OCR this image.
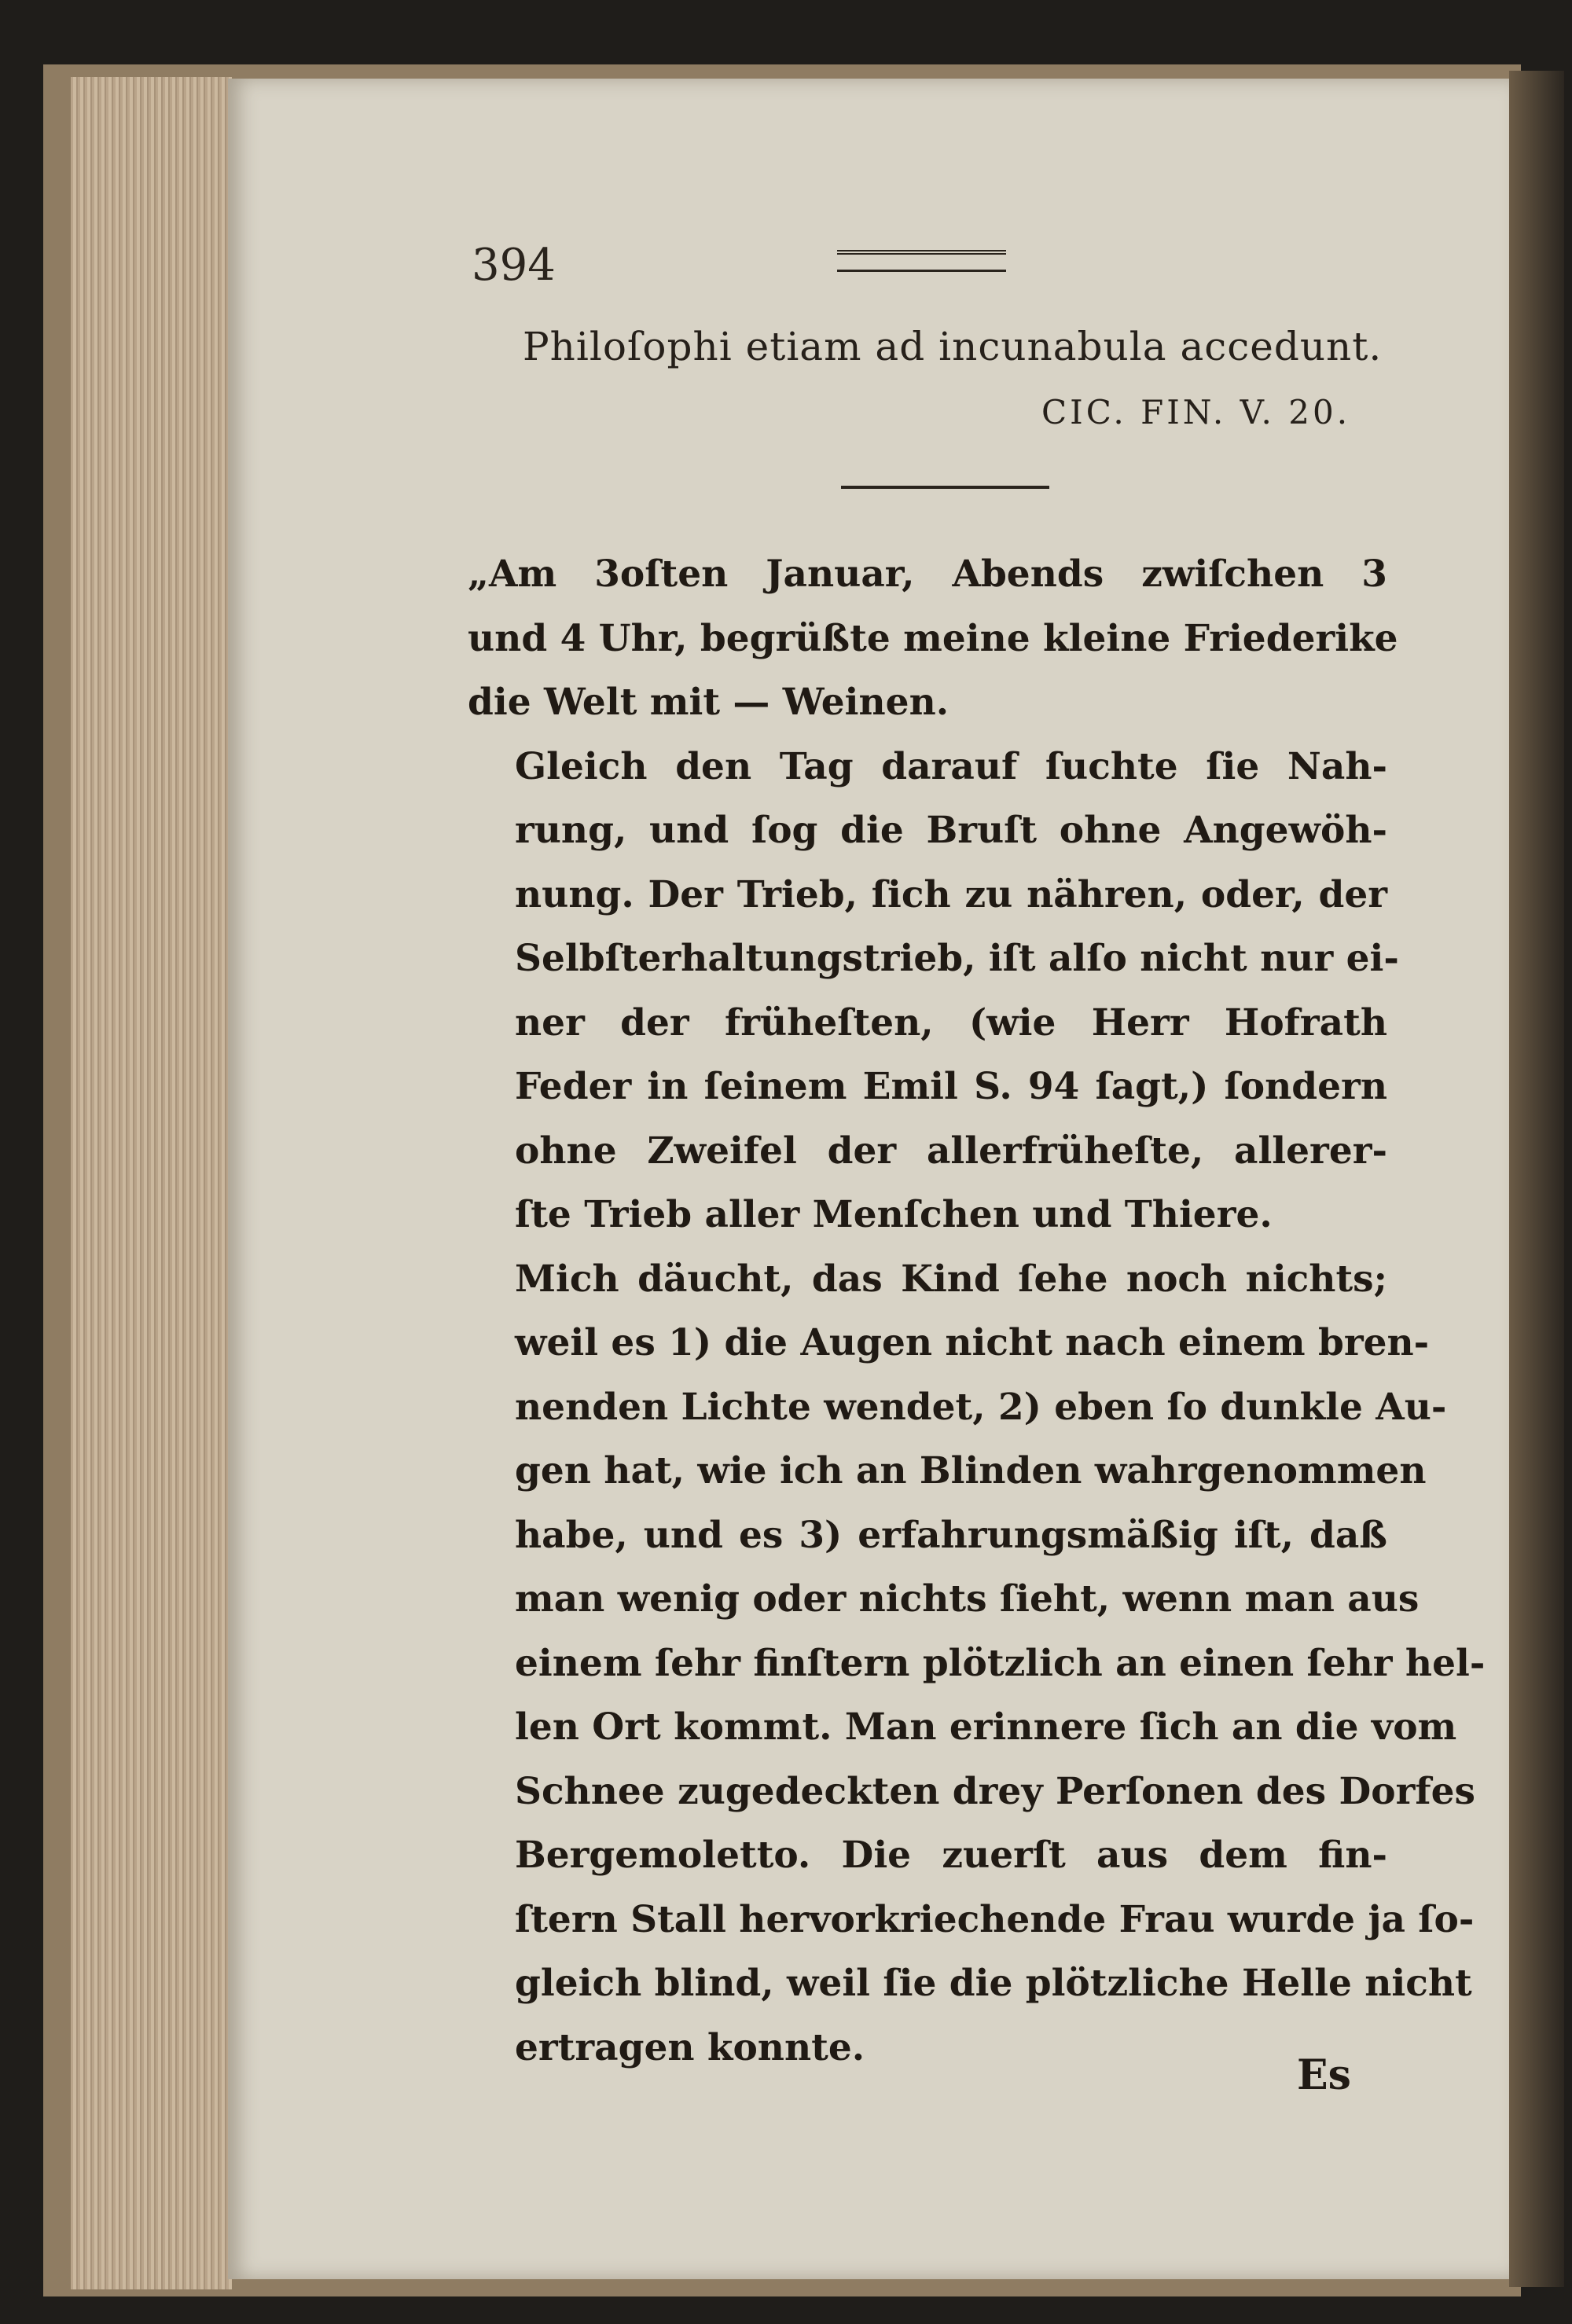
394
Philoſophi etiam ad incunabula accedunt.
CIC. FIN. V. 20.
„Am 3oſten Januar, Abends zwiſchen 3
und 4 Uhr, begrüßte meine kleine Friederike
die Welt mit — Weinen.
Gleich den Tag darauf ſuchte ſie Nah-
rung, und ſog die Bruſt ohne Angewöh-
nung. Der Trieb, ſich zu nähren, oder, der
Selbſterhaltungstrieb, iſt alſo nicht nur ei-
ner der früheſten, (wie Herr Hofrath
Feder in ſeinem Emil S. 94 ſagt,) ſondern
ohne Zweifel der allerfrüheſte, allerer-
ſte Trieb aller Menſchen und Thiere.
Mich däucht, das Kind ſehe noch nichts;
weil es 1) die Augen nicht nach einem bren-
nenden Lichte wendet, 2) eben ſo dunkle Au-
gen hat, wie ich an Blinden wahrgenommen
habe, und es 3) erfahrungsmäßig iſt, daß
man wenig oder nichts ſieht, wenn man aus
einem ſehr finſtern plötzlich an einen ſehr hel-
len Ort kommt. Man erinnere ſich an die vom
Schnee zugedeckten drey Perſonen des Dorfes
Bergemoletto. Die zuerſt aus dem fin-
ſtern Stall hervorkriechende Frau wurde ja ſo-
gleich blind, weil ſie die plötzliche Helle nicht
ertragen konnte.
Es
